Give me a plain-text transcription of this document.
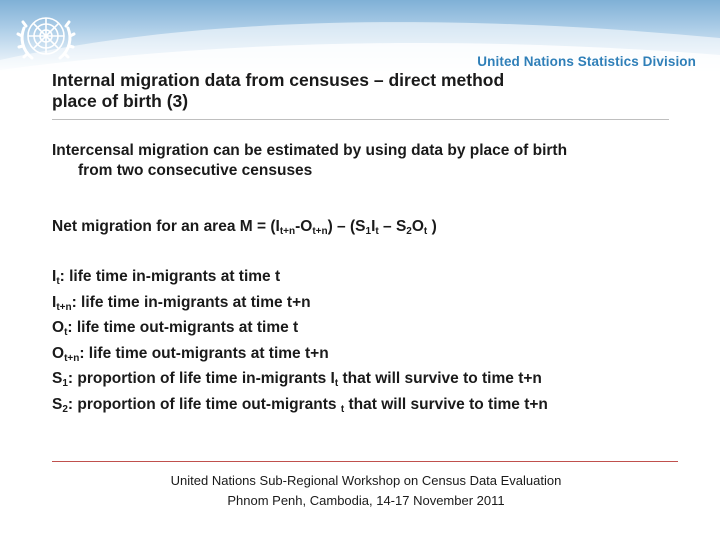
United Nations Statistics Division
Internal migration data from censuses – direct method
place of birth (3)

Intercensal migration can be estimated by using data by place of birth
from two consecutive censuses

Net migration for an area $M = (I_{t+n}-O_{t+n}) - (S_1I_t - S_2O_t$ )
$I_t$: life time in-migrants at time t
$I_{t+n}$: life time in-migrants at time t+n
$O_t$: life time out-migrants at time t
$O_{t+n}$: life time out-migrants at time t+n
$S_1$: proportion of life time in-migrants $I_t$ that will survive to time t+n
$S_2$: proportion of life time out-migrants $_t$ that will survive to time t+n
United Nations Sub-Regional Workshop on Census Data Evaluation
Phnom Penh, Cambodia, 14-17 November 2011
